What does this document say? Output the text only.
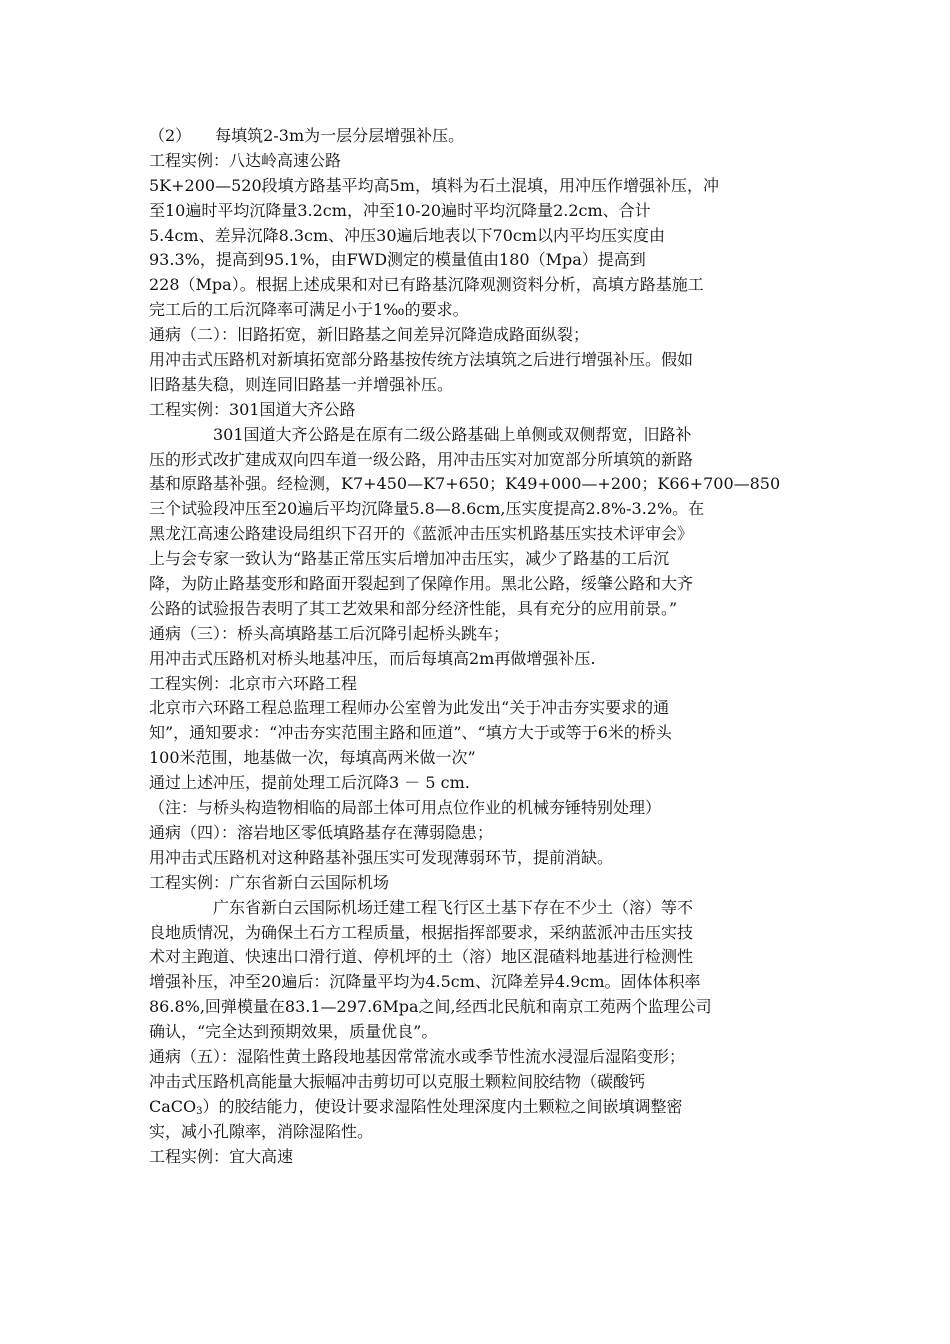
（2）　　每填筑2-3m为一层分层增强补压。
工程实例：八达岭高速公路
5K+200—520段填方路基平均高5m，填料为石土混填，用冲压作增强补压，冲
至10遍时平均沉降量3.2cm，冲至10-20遍时平均沉降量2.2cm、合计
5.4cm、差异沉降8.3cm、冲压30遍后地表以下70cm以内平均压实度由
93.3%，提高到95.1%，由FWD测定的模量值由180（Mpa）提高到
228（Mpa）。根据上述成果和对已有路基沉降观测资料分析，高填方路基施工
完工后的工后沉降率可满足小于1‰的要求。
通病（二）：旧路拓宽，新旧路基之间差异沉降造成路面纵裂；
用冲击式压路机对新填拓宽部分路基按传统方法填筑之后进行增强补压。假如
旧路基失稳，则连同旧路基一并增强补压。
工程实例：301国道大齐公路
301国道大齐公路是在原有二级公路基础上单侧或双侧帮宽，旧路补
压的形式改扩建成双向四车道一级公路，用冲击压实对加宽部分所填筑的新路
基和原路基补强。经检测，K7+450—K7+650；K49+000—+200；K66+700—850
三个试验段冲压至20遍后平均沉降量5.8—8.6cm,压实度提高2.8%-3.2%。在
黑龙江高速公路建设局组织下召开的《蓝派冲击压实机路基压实技术评审会》
上与会专家一致认为“路基正常压实后增加冲击压实，减少了路基的工后沉
降，为防止路基变形和路面开裂起到了保障作用。黑北公路，绥肇公路和大齐
公路的试验报告表明了其工艺效果和部分经济性能，具有充分的应用前景。”
通病（三）：桥头高填路基工后沉降引起桥头跳车；
用冲击式压路机对桥头地基冲压，而后每填高2m再做增强补压.
工程实例：北京市六环路工程
北京市六环路工程总监理工程师办公室曾为此发出“关于冲击夯实要求的通
知”，通知要求：“冲击夯实范围主路和匝道”、“填方大于或等于6米的桥头
100米范围，地基做一次，每填高两米做一次”
通过上述冲压，提前处理工后沉降3 － 5 cm.
（注：与桥头构造物相临的局部土体可用点位作业的机械夯锤特别处理）
通病（四）：溶岩地区零低填路基存在薄弱隐患；
用冲击式压路机对这种路基补强压实可发现薄弱环节，提前消缺。
工程实例：广东省新白云国际机场
广东省新白云国际机场迁建工程飞行区土基下存在不少土（溶）等不
良地质情况，为确保土石方工程质量，根据指挥部要求，采纳蓝派冲击压实技
术对主跑道、快速出口滑行道、停机坪的土（溶）地区混碴料地基进行检测性
增强补压，冲至20遍后：沉降量平均为4.5cm、沉降差异4.9cm。固体体积率
86.8%,回弹模量在83.1—297.6Mpa之间,经西北民航和南京工苑两个监理公司
确认，“完全达到预期效果，质量优良”。
通病（五）：湿陷性黄土路段地基因常常流水或季节性流水浸湿后湿陷变形；
冲击式压路机高能量大振幅冲击剪切可以克服土颗粒间胶结物（碳酸钙
CaCO$_3$）的胶结能力，使设计要求湿陷性处理深度内土颗粒之间嵌填调整密
实，减小孔隙率，消除湿陷性。
工程实例：宜大高速
